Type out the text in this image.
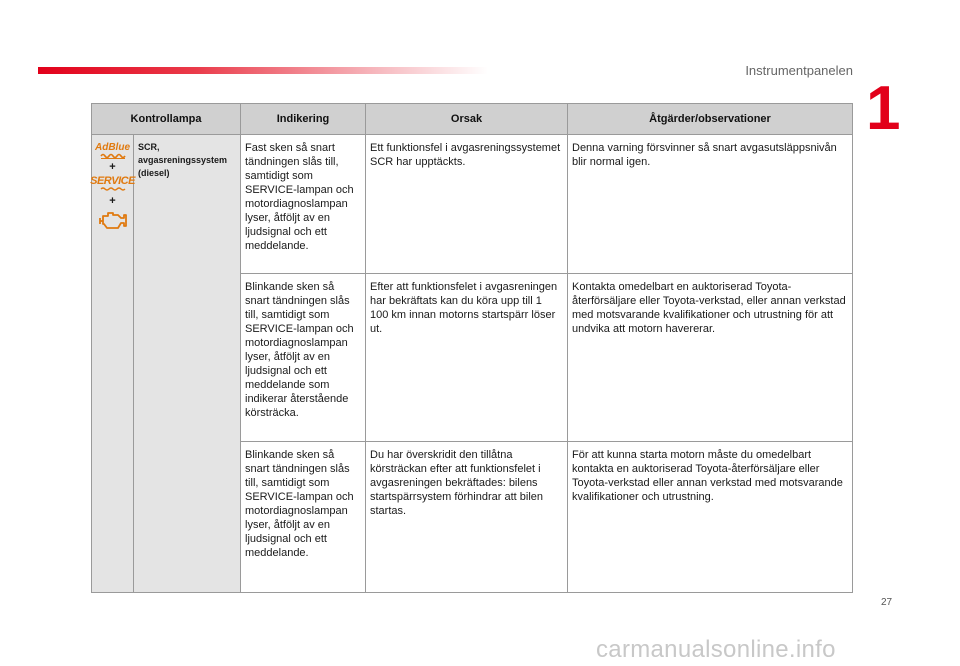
Instrumentpanelen
1
Kontrollampa		Indikering	Orsak	Åtgärder/observationer

AdBlue
+
SERVICE
+	SCR,
avgasreningssystem
(diesel)	Fast sken så snart tändningen slås till, samtidigt som SERVICE-lampan och motordiagnoslampan lyser, åtföljt av en ljudsignal och ett meddelande.	Ett funktionsfel i avgasreningssystemet SCR har upptäckts.	Denna varning försvinner så snart avgasutsläppsnivån blir normal igen.
		Blinkande sken så snart tändningen slås till, samtidigt som SERVICE-lampan och motordiagnoslampan lyser, åtföljt av en ljudsignal och ett meddelande som indikerar återstående körsträcka.	Efter att funktionsfelet i avgasreningen har bekräftats kan du köra upp till 1 100 km innan motorns startspärr löser ut.	Kontakta omedelbart en auktoriserad Toyota-återförsäljare eller Toyota-verkstad, eller annan verkstad med motsvarande kvalifikationer och utrustning för att undvika att motorn havererar.
		Blinkande sken så snart tändningen slås till, samtidigt som SERVICE-lampan och motordiagnoslampan lyser, åtföljt av en ljudsignal och ett meddelande.	Du har överskridit den tillåtna körsträckan efter att funktionsfelet i avgasreningen bekräftades: bilens startspärrsystem förhindrar att bilen startas.	För att kunna starta motorn måste du omedelbart kontakta en auktoriserad Toyota-återförsäljare eller Toyota-verkstad eller annan verkstad med motsvarande kvalifikationer och utrustning.
27
carmanualsonline.info
